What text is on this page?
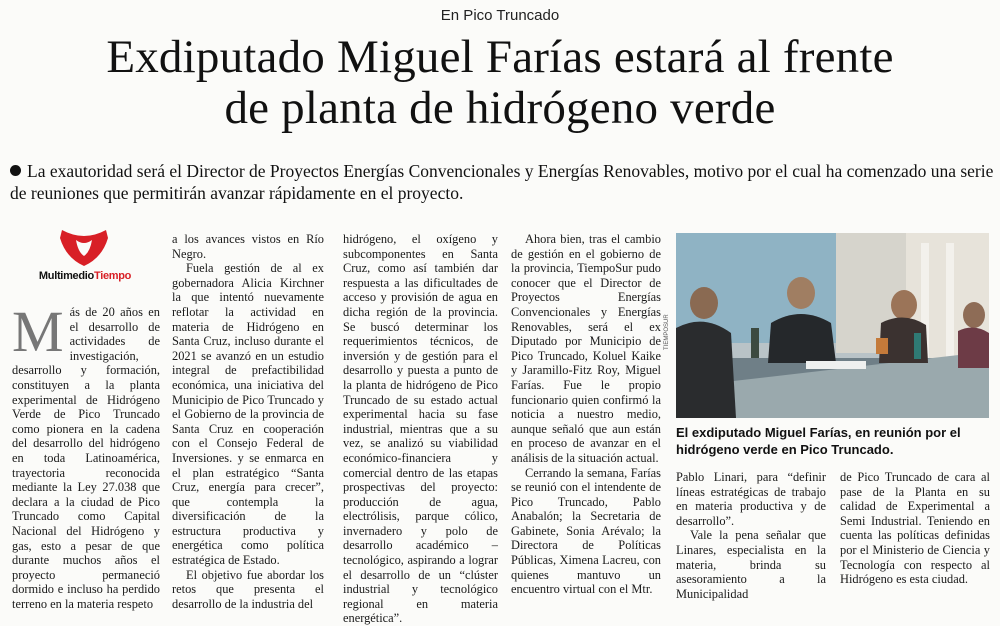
En Pico Truncado
Exdiputado Miguel Farías estará al frente
de planta de hidrógeno verde
La exautoridad será el Director de Proyectos Energías Convencionales y Energías Renovables, motivo por el cual ha comenzado una serie de reuniones que permitirán avanzar rápidamente en el proyecto.
MultimedioTiempo
M ás de 20 años en el desarrollo de actividades de investigación, desarrollo y formación, constituyen a la planta experimental de Hidrógeno Verde de Pico Truncado como pionera en la cadena del desarrollo del hidrógeno en toda Latinoamérica, trayectoria reconocida mediante la Ley 27.038 que declara a la ciudad de Pico Truncado como Capital Nacional del Hidrógeno y gas, esto a pesar de que durante muchos años el proyecto permaneció dormido e incluso ha perdido terreno en la materia respeto

a los avances vistos en Río Negro.

Fuela gestión de al ex gobernadora Alicia Kirchner la que intentó nuevamente reflotar la actividad en materia de Hidrógeno en Santa Cruz, incluso durante el 2021 se avanzó en un estudio integral de prefactibilidad económica, una iniciativa del Municipio de Pico Truncado y el Gobierno de la provincia de Santa Cruz en cooperación con el Consejo Federal de Inversiones. y se enmarca en el plan estratégico “Santa Cruz, energía para crecer”, que contempla la diversificación de la estructura productiva y energética como política estratégica de Estado.

El objetivo fue abordar los retos que presenta el desarrollo de la industria del

hidrógeno, el oxígeno y subcomponentes en Santa Cruz, como así también dar respuesta a las dificultades de acceso y provisión de agua en dicha región de la provincia. Se buscó determinar los requerimientos técnicos, de inversión y de gestión para el desarrollo y puesta a punto de la planta de hidrógeno de Pico Truncado de su estado actual experimental hacia su fase industrial, mientras que a su vez, se analizó su viabilidad económico-financiera y comercial dentro de las etapas prospectivas del proyecto: producción de agua, electrólisis, parque cólico, invernadero y polo de desarrollo académico – tecnológico, aspirando a lograr el desarrollo de un “clúster industrial y tecnológico regional en materia energética”.

Ahora bien, tras el cambio de gestión en el gobierno de la provincia, TiempoSur pudo conocer que el Director de Proyectos Energías Convencionales y Energías Renovables, será el ex Diputado por Municipio de Pico Truncado, Koluel Kaike y Jaramillo-Fitz Roy, Miguel Farías. Fue le propio funcionario quien confirmó la noticia a nuestro medio, aunque señaló que aun están en proceso de avanzar en el análisis de la situación actual.

Cerrando la semana, Farías se reunió con el intendente de Pico Truncado, Pablo Anabalón; la Secretaria de Gabinete, Sonia Arévalo; la Directora de Políticas Públicas, Ximena Lacreu, con quienes mantuvo un encuentro virtual con el Mtr.

TIEMPOSUR
El exdiputado Miguel Farías, en reunión por el hidrógeno verde en Pico Truncado.

Pablo Linari, para “definir líneas estratégicas de trabajo en materia productiva y de desarrollo”.

Vale la pena señalar que Linares, especialista en la materia, brinda su asesoramiento a la Municipalidad

de Pico Truncado de cara al pase de la Planta en su calidad de Experimental a Semi Industrial. Teniendo en cuenta las políticas definidas por el Ministerio de Ciencia y Tecnología con respecto al Hidrógeno es esta ciudad.
